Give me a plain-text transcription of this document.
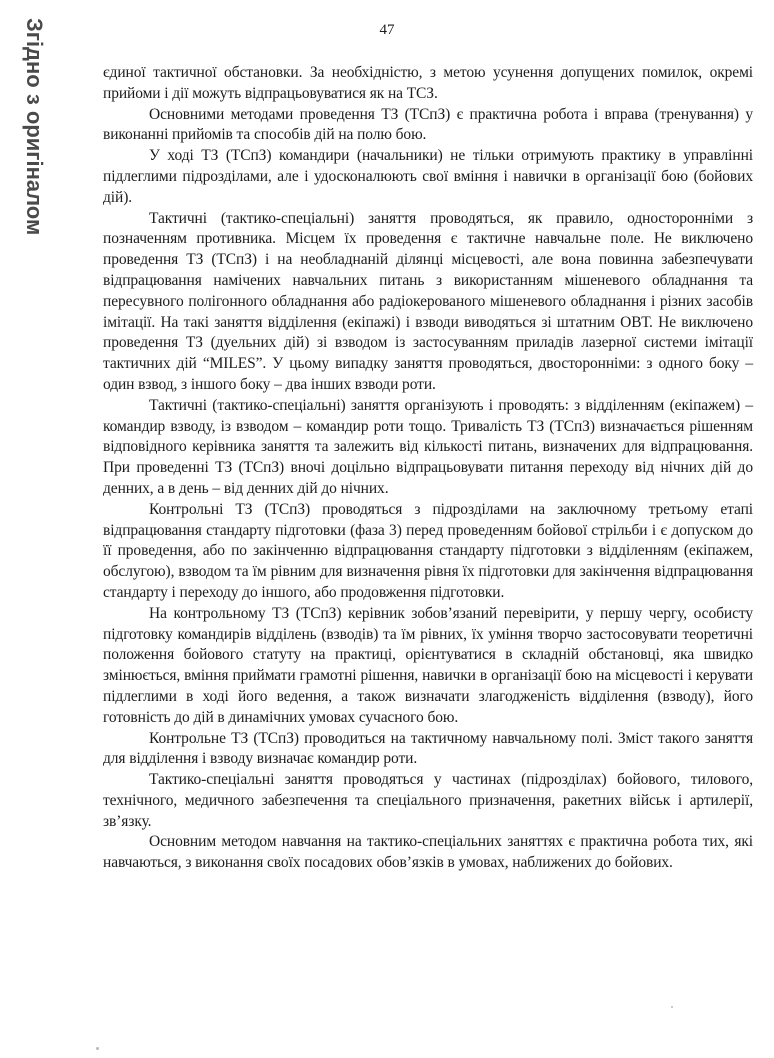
Згідно з оригіналом	47

єдиної тактичної обстановки. За необхідністю, з метою усунення допущених помилок, окремі прийоми і дії можуть відпрацьовуватися як на ТСЗ.

Основними методами проведення ТЗ (ТСпЗ) є практична робота і вправа (тренування) у виконанні прийомів та способів дій на полю бою.

У ході ТЗ (ТСпЗ) командири (начальники) не тільки отримують практику в управлінні підлеглими підрозділами, але і удосконалюють свої вміння і навички в організації бою (бойових дій).

Тактичні (тактико-спеціальні) заняття проводяться, як правило, односторонніми з позначенням противника. Місцем їх проведення є тактичне навчальне поле. Не виключено проведення ТЗ (ТСпЗ) і на необладнаній ділянці місцевості, але вона повинна забезпечувати відпрацювання намічених навчальних питань з використанням мішеневого обладнання та пересувного полігонного обладнання або радіокерованого мішеневого обладнання і різних засобів імітації. На такі заняття відділення (екіпажі) і взводи виводяться зі штатним ОВТ. Не виключено проведення ТЗ (дуельних дій) зі взводом із застосуванням приладів лазерної системи імітації тактичних дій “MILES”. У цьому випадку заняття проводяться, двосторонніми: з одного боку – один взвод, з іншого боку – два інших взводи роти.

Тактичні (тактико-спеціальні) заняття організують і проводять: з відділенням (екіпажем) – командир взводу, із взводом – командир роти тощо. Тривалість ТЗ (ТСпЗ) визначається рішенням відповідного керівника заняття та залежить від кількості питань, визначених для відпрацювання. При проведенні ТЗ (ТСпЗ) вночі доцільно відпрацьовувати питання переходу від нічних дій до денних, а в день – від денних дій до нічних.

Контрольні ТЗ (ТСпЗ) проводяться з підрозділами на заключному третьому етапі відпрацювання стандарту підготовки (фаза 3) перед проведенням бойової стрільби і є допуском до її проведення, або по закінченню відпрацювання стандарту підготовки з відділенням (екіпажем, обслугою), взводом та їм рівним для визначення рівня їх підготовки для закінчення відпрацювання стандарту і переходу до іншого, або продовження підготовки.

На контрольному ТЗ (ТСпЗ) керівник зобов’язаний перевірити, у першу чергу, особисту підготовку командирів відділень (взводів) та їм рівних, їх уміння творчо застосовувати теоретичні положення бойового статуту на практиці, орієнтуватися в складній обстановці, яка швидко змінюється, вміння приймати грамотні рішення, навички в організації бою на місцевості і керувати підлеглими в ході його ведення, а також визначати злагодженість відділення (взводу), його готовність до дій в динамічних умовах сучасного бою.

Контрольне ТЗ (ТСпЗ) проводиться на тактичному навчальному полі. Зміст такого заняття для відділення і взводу визначає командир роти.

Тактико-спеціальні заняття проводяться у частинах (підрозділах) бойового, тилового, технічного, медичного забезпечення та спеціального призначення, ракетних військ і артилерії, зв’язку.

Основним методом навчання на тактико-спеціальних заняттях є практична робота тих, які навчаються, з виконання своїх посадових обов’язків в умовах, наближених до бойових.
